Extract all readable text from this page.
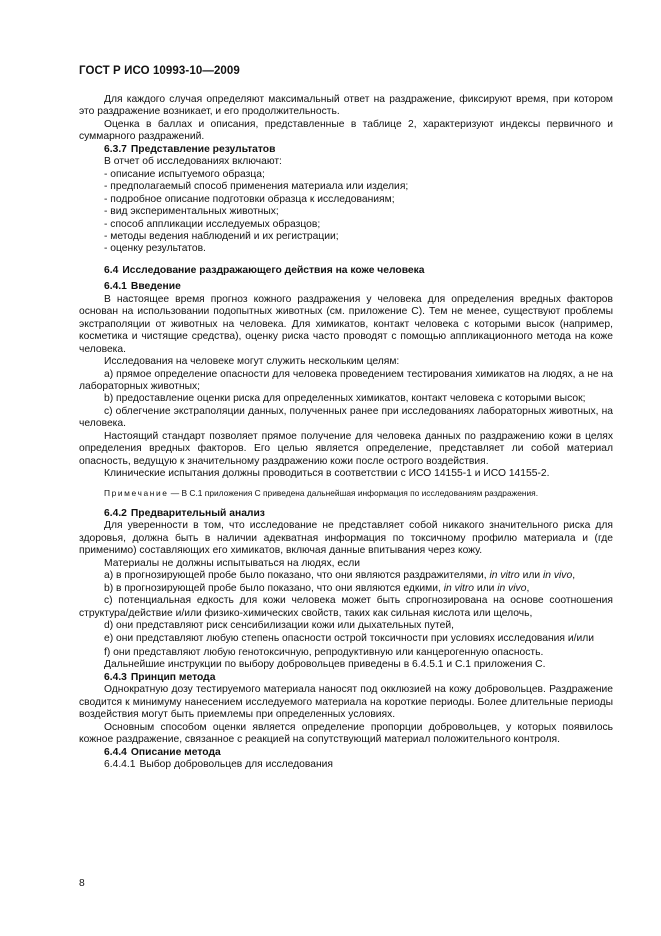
ГОСТ Р ИСО 10993-10—2009

Для каждого случая определяют максимальный ответ на раздражение, фиксируют время, при котором это раздражение возникает, и его продолжительность.

Оценка в баллах и описания, представленные в таблице 2, характеризуют индексы первичного и суммарного раздражений.

6.3.7 Представление результатов

В отчет об исследованиях включают:

- описание испытуемого образца;

- предполагаемый способ применения материала или изделия;

- подробное описание подготовки образца к исследованиям;

- вид экспериментальных животных;

- способ аппликации исследуемых образцов;

- методы ведения наблюдений и их регистрации;

- оценку результатов.

6.4 Исследование раздражающего действия на коже человека

6.4.1 Введение

В настоящее время прогноз кожного раздражения у человека для определения вредных факторов основан на использовании подопытных животных (см. приложение С). Тем не менее, существуют проблемы экстраполяции от животных на человека. Для химикатов, контакт человека с которыми высок (например, косметика и чистящие средства), оценку риска часто проводят с помощью аппликационного метода на коже человека.

Исследования на человеке могут служить нескольким целям:

а) прямое определение опасности для человека проведением тестирования химикатов на людях, а не на лабораторных животных;

b) предоставление оценки риска для определенных химикатов, контакт человека с которыми высок;

с) облегчение экстраполяции данных, полученных ранее при исследованиях лабораторных животных, на человека.

Настоящий стандарт позволяет прямое получение для человека данных по раздражению кожи в целях определения вредных факторов. Его целью является определение, представляет ли собой материал опасность, ведущую к значительному раздражению кожи после острого воздействия.

Клинические испытания должны проводиться в соответствии с ИСО 14155-1 и ИСО 14155-2.

Примечание — В С.1 приложения С приведена дальнейшая информация по исследованиям раздражения.

6.4.2 Предварительный анализ

Для уверенности в том, что исследование не представляет собой никакого значительного риска для здоровья, должна быть в наличии адекватная информация по токсичному профилю материала и (где применимо) составляющих его химикатов, включая данные впитывания через кожу.

Материалы не должны испытываться на людях, если

а) в прогнозирующей пробе было показано, что они являются раздражителями, in vitro или in vivo,

b) в прогнозирующей пробе было показано, что они являются едкими, in vitro или in vivo,

с) потенциальная едкость для кожи человека может быть спрогнозирована на основе соотношения структура/действие и/или физико-химических свойств, таких как сильная кислота или щелочь,

d) они представляют риск сенсибилизации кожи или дыхательных путей,

е) они представляют любую степень опасности острой токсичности при условиях исследования и/или

f) они представляют любую генотоксичную, репродуктивную или канцерогенную опасность.

Дальнейшие инструкции по выбору добровольцев приведены в 6.4.5.1 и С.1 приложения С.

6.4.3 Принцип метода

Однократную дозу тестируемого материала наносят под окклюзией на кожу добровольцев. Раздражение сводится к минимуму нанесением исследуемого материала на короткие периоды. Более длительные периоды воздействия могут быть приемлемы при определенных условиях.

Основным способом оценки является определение пропорции добровольцев, у которых появилось кожное раздражение, связанное с реакцией на сопутствующий материал положительного контроля.

6.4.4 Описание метода

6.4.4.1 Выбор добровольцев для исследования

8
